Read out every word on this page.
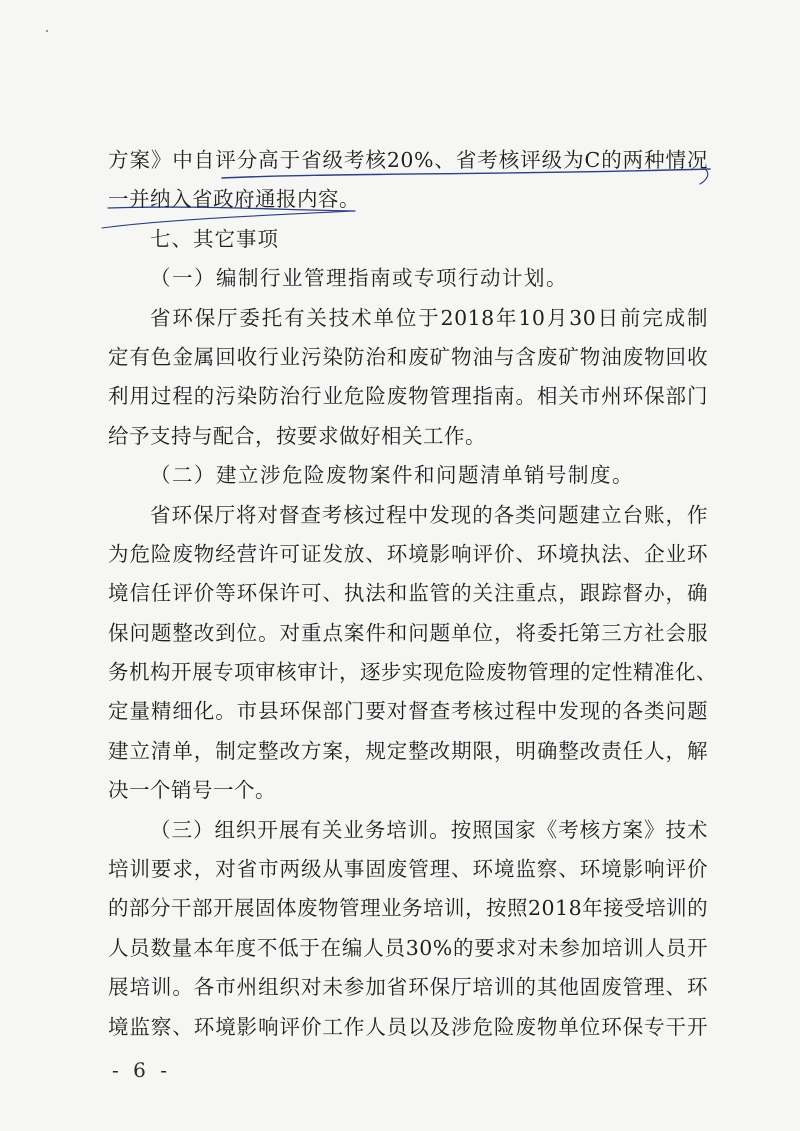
方案》中自评分高于省级考核20%、省考核评级为C的两种情况
一并纳入省政府通报内容。
七、其它事项
（一）编制行业管理指南或专项行动计划。
省环保厅委托有关技术单位于2018年10月30日前完成制
定有色金属回收行业污染防治和废矿物油与含废矿物油废物回收
利用过程的污染防治行业危险废物管理指南。相关市州环保部门
给予支持与配合，按要求做好相关工作。
（二）建立涉危险废物案件和问题清单销号制度。
省环保厅将对督查考核过程中发现的各类问题建立台账，作
为危险废物经营许可证发放、环境影响评价、环境执法、企业环
境信任评价等环保许可、执法和监管的关注重点，跟踪督办，确
保问题整改到位。对重点案件和问题单位，将委托第三方社会服
务机构开展专项审核审计，逐步实现危险废物管理的定性精准化、
定量精细化。市县环保部门要对督查考核过程中发现的各类问题
建立清单，制定整改方案，规定整改期限，明确整改责任人，解
决一个销号一个。
（三）组织开展有关业务培训。按照国家《考核方案》技术
培训要求，对省市两级从事固废管理、环境监察、环境影响评价
的部分干部开展固体废物管理业务培训，按照2018年接受培训的
人员数量本年度不低于在编人员30%的要求对未参加培训人员开
展培训。各市州组织对未参加省环保厅培训的其他固废管理、环
境监察、环境影响评价工作人员以及涉危险废物单位环保专干开
- 6 -
